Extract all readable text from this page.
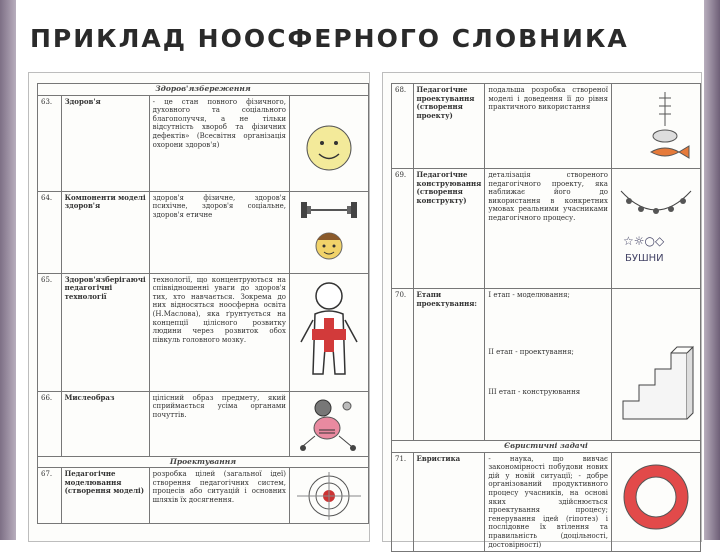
ПРИКЛАД НООСФЕРНОГО СЛОВНИКА
Здоров'язбереження			
63.	Здоров'я	- це стан повного фізичного, духовного та соціального благополуччя, а не тільки відсутність хвороб та фізичних дефектів» (Всесвітня організація охорони здоров'я)	

64.	Компоненти моделі здоров'я	здоров'я фізичне, здоров'я психічне, здоров'я соціальне, здоров'я етичне	

65.	Здоров'язберігаючі педагогічні технології	технології, що концентруються на співвідношенні уваги до здоров'я тих, хто навчається. Зокрема до них відносяться ноосферна освіта (Н.Маслова), яка ґрунтується на концепції цілісного розвитку людини через розвиток обох півкуль головного мозку.	

66.	Мислеобраз	цілісний образ предмету, який сприймається усіма органами почуттів.	

Проектування			
67.	Педагогічне моделювання (створення моделі)	розробка цілей (загальної ідеї) створення педагогічних систем, процесів або ситуацій і основних шляхів їх досягнення.	
68.	Педагогічне проектування (створення проекту)	подальша розробка створеної моделі і доведення її до рівня практичного використання	

69.	Педагогічне конструювання (створення конструкту)	деталізація створеного педагогічного проекту, яка наближає його до використання в конкретних умовах реальними учасниками педагогічного процесу.	☆☼○◇
БУШНИ

70.	Етапи проектування:	I етап - моделювання;
II етап - проектування;
III етап - конструювання

Євристичні задачі			
71.	Евристика	- наука, що вивчає закономірності побудови нових дій у новій ситуації; - добре організований продуктивного процесу учасників, на основі яких здійснюється проектування процесу; генерування ідей (гіпотез) і послідовне їх втілення та правильність (доцільності, достовірності)	
